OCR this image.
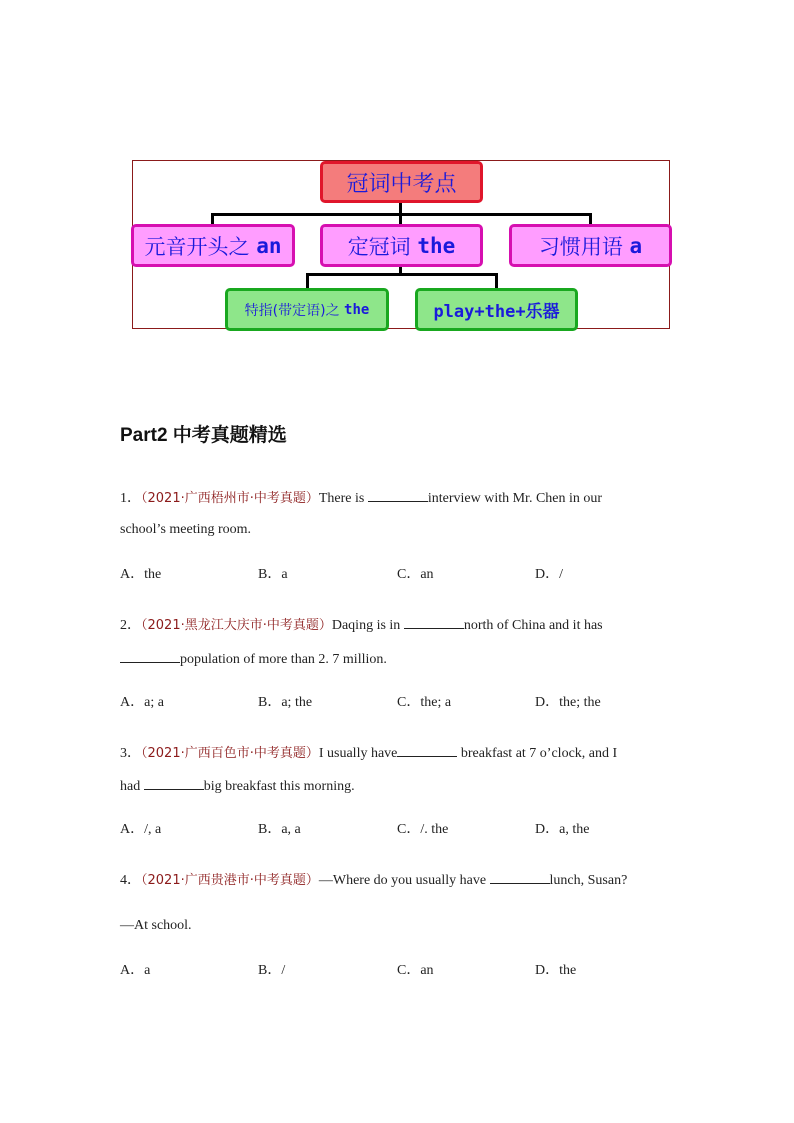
冠词中考点
元音开头之
an	定冠词
the	习惯用语
a
特指(带定语)之
the	play+the+乐器
Part2 中考真题精选
1．（2021·广西梧州市·中考真题）There is	interview with Mr. Chen in our
school’s meeting room.
A．the	B．a	C．an	D．/
2．（2021·黑龙江大庆市·中考真题）Daqing is in	north of China and it has
population of more than 2. 7 million.
A．a; a	B．a; the	C．the; a	D．the; the
3．（2021·广西百色市·中考真题）I usually have	breakfast at 7 o’clock, and I
had	big breakfast this morning.
A．/, a	B．a, a	C．/. the	D．a, the
4．（2021·广西贵港市·中考真题）—Where do you usually have	lunch, Susan?
—At school.
A．a	B．/	C．an	D．the
